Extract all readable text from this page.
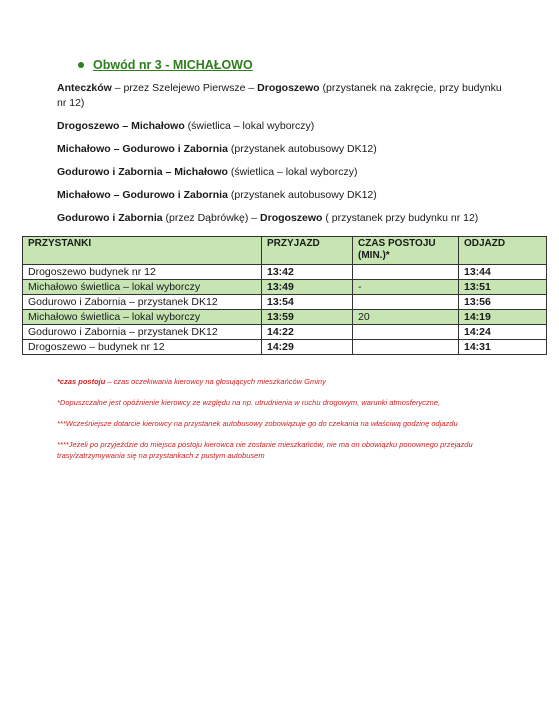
Obwód nr 3 - MICHAŁOWO
Anteczków – przez Szelejewo Pierwsze – Drogoszewo (przystanek na zakręcie, przy budynku nr 12)
Drogoszewo – Michałowo (świetlica – lokal wyborczy)
Michałowo – Godurowo i Zabornia (przystanek autobusowy DK12)
Godurowo i Zabornia – Michałowo (świetlica – lokal wyborczy)
Michałowo – Godurowo i Zabornia (przystanek autobusowy DK12)
Godurowo i Zabornia (przez Dąbrówkę) – Drogoszewo ( przystanek przy budynku nr 12)
PRZYSTANKI	PRZYJAZD	CZAS POSTOJU (MIN.)*	ODJAZD
Drogoszewo budynek nr 12	13:42		13:44
Michałowo świetlica – lokal wyborczy	13:49	-	13:51
Godurowo i Zabornia – przystanek DK12	13:54		13:56
Michałowo świetlica – lokal wyborczy	13:59	20	14:19
Godurowo i Zabornia – przystanek DK12	14:22		14:24
Drogoszewo – budynek nr 12	14:29		14:31
*czas postoju – czas oczekiwania kierowcy na głosujących mieszkańców Gminy
*Dopuszczalne jest opóźnienie kierowcy ze względu na np. utrudnienia w ruchu drogowym, warunki atmosferyczne,
***Wcześniejsze dotarcie kierowcy na przystanek autobusowy zobowiązuje go do czekania na właściwą godzinę odjazdu
****Jeżeli po przyjeździe do miejsca postoju kierowca nie zostanie mieszkańców, nie ma on obowiązku ponownego przejazdu trasy/zatrzymywania się na przystankach z pustym autobusem
